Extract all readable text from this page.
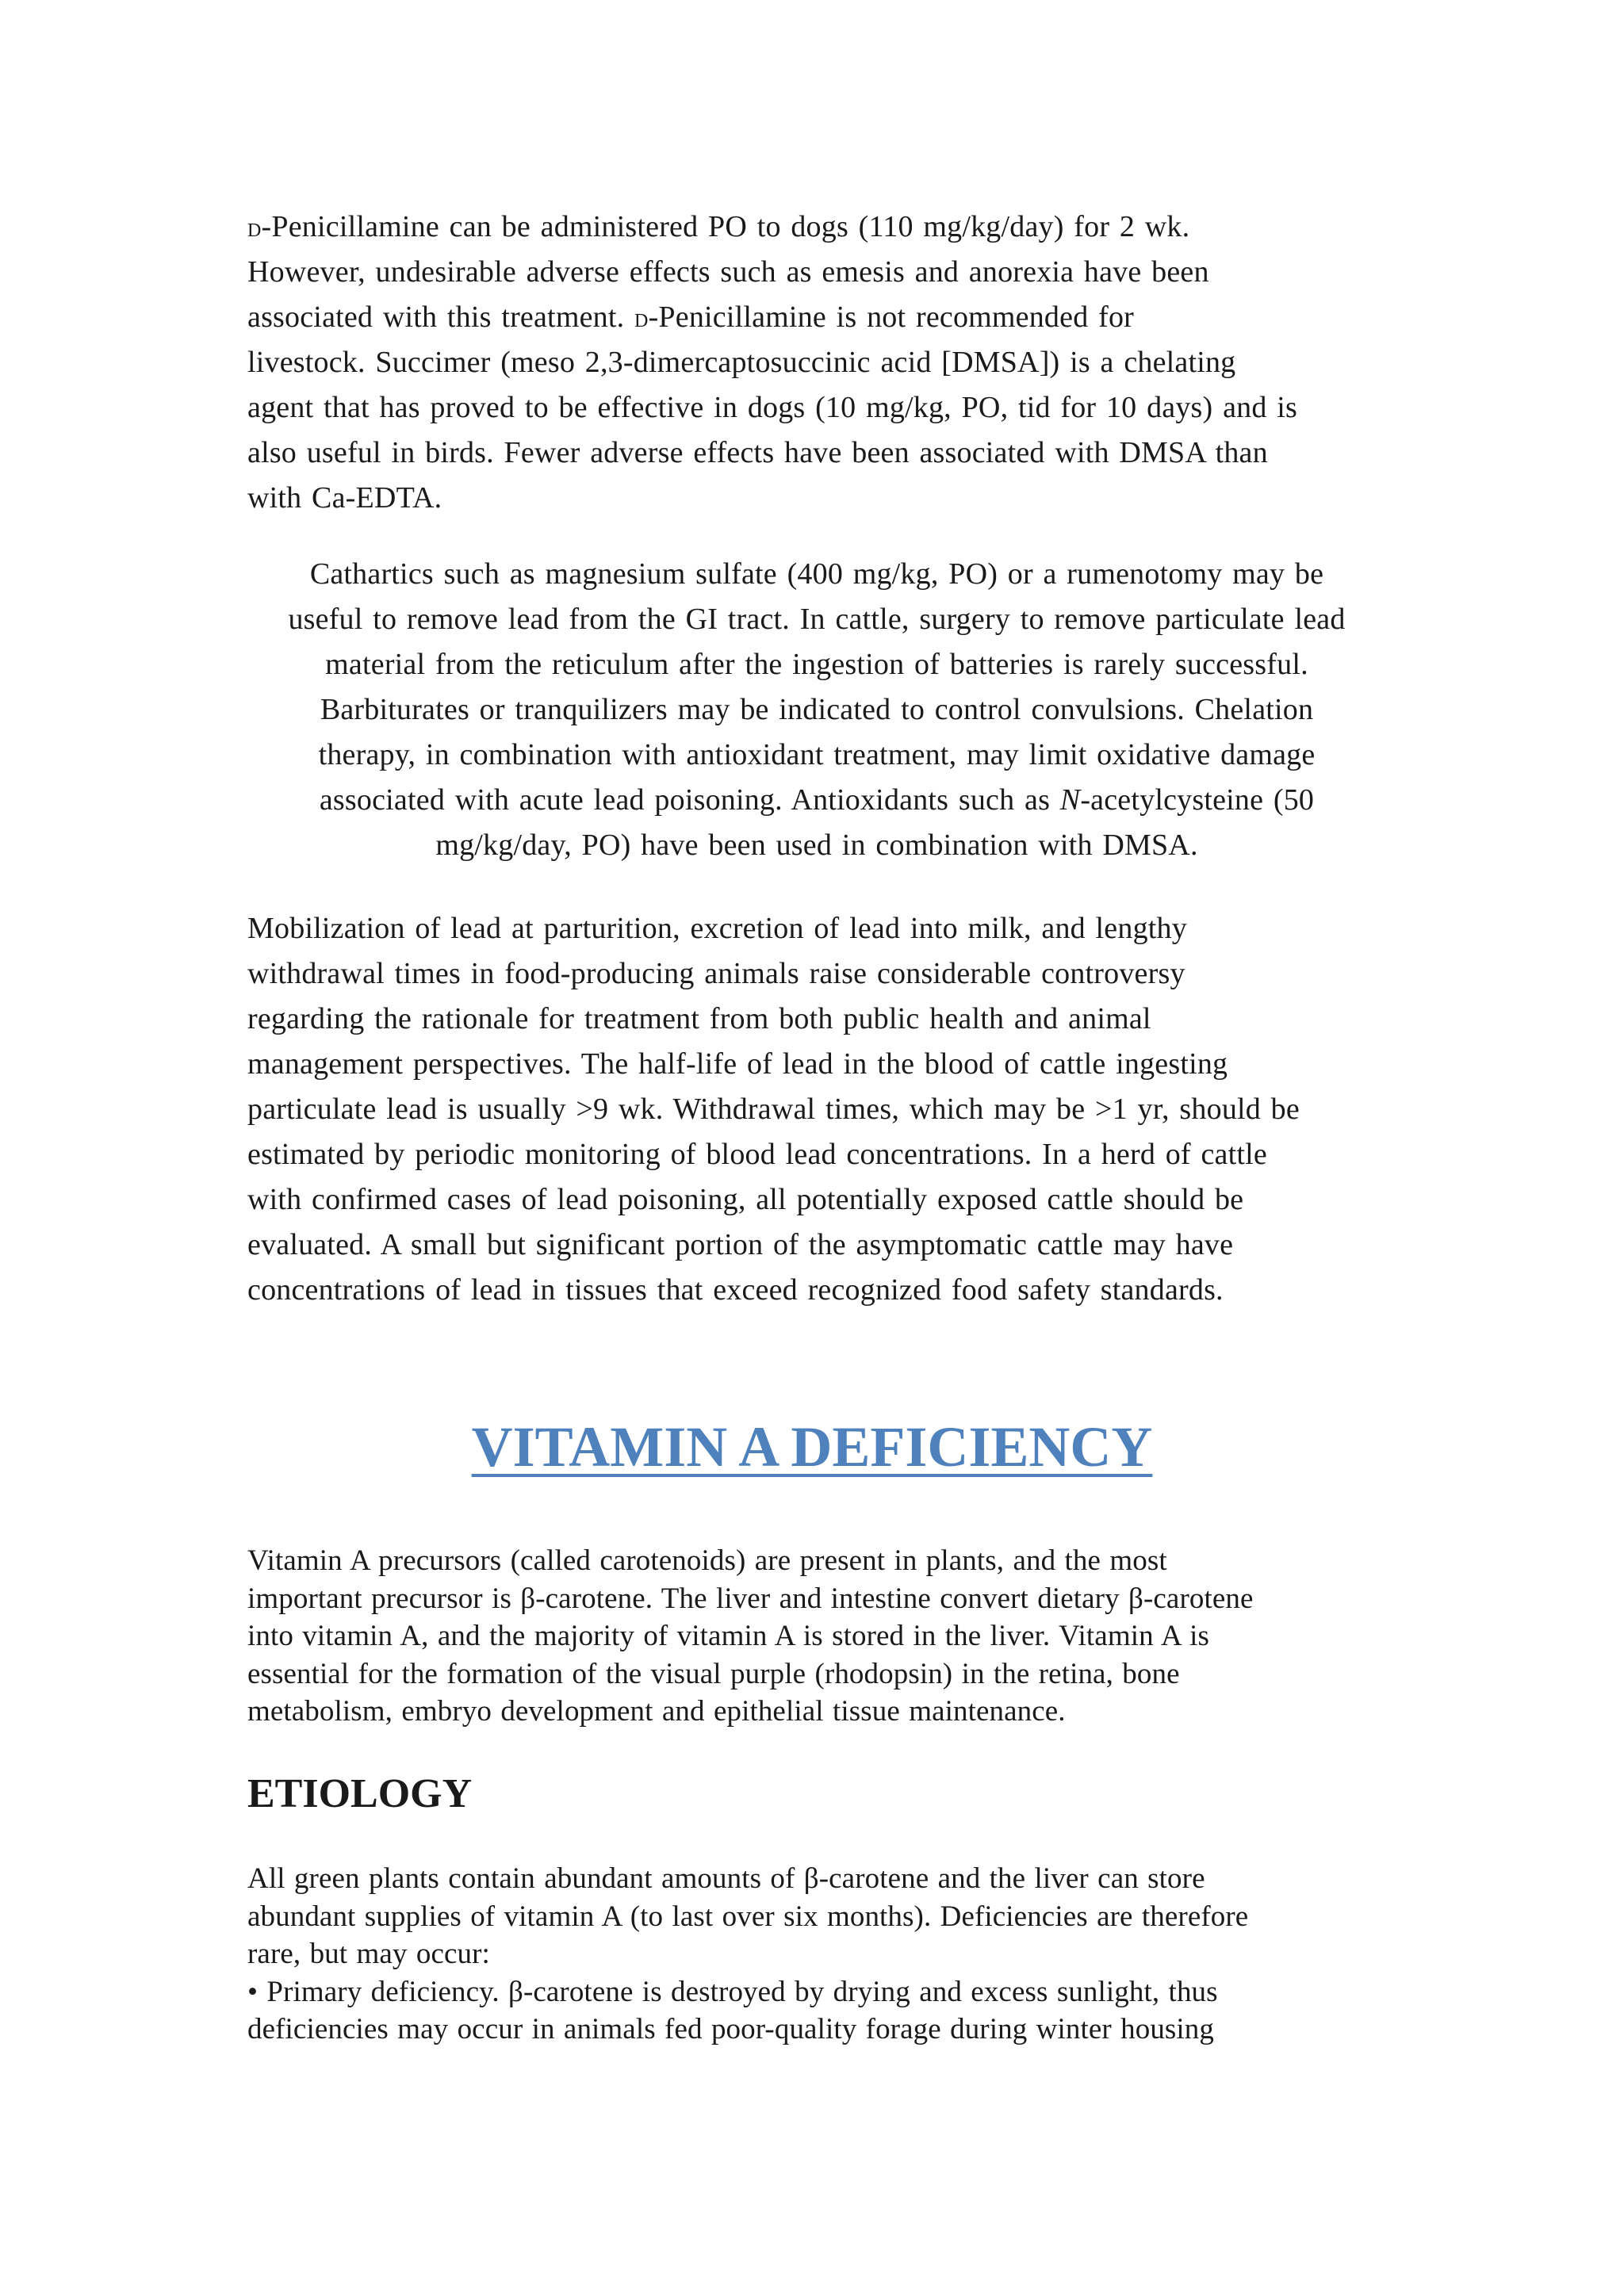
d-Penicillamine can be administered PO to dogs (110 mg/kg/day) for 2 wk.
However, undesirable adverse effects such as emesis and anorexia have been
associated with this treatment. d-Penicillamine is not recommended for
livestock. Succimer (meso 2,3-dimercaptosuccinic acid [DMSA]) is a chelating
agent that has proved to be effective in dogs (10 mg/kg, PO, tid for 10 days) and is
also useful in birds. Fewer adverse effects have been associated with DMSA than
with Ca-EDTA.
Cathartics such as magnesium sulfate (400 mg/kg, PO) or a rumenotomy may be
useful to remove lead from the GI tract. In cattle, surgery to remove particulate lead
material from the reticulum after the ingestion of batteries is rarely successful.
Barbiturates or tranquilizers may be indicated to control convulsions. Chelation
therapy, in combination with antioxidant treatment, may limit oxidative damage
associated with acute lead poisoning. Antioxidants such as N-acetylcysteine (50
mg/kg/day, PO) have been used in combination with DMSA.
Mobilization of lead at parturition, excretion of lead into milk, and lengthy
withdrawal times in food-producing animals raise considerable controversy
regarding the rationale for treatment from both public health and animal
management perspectives. The half-life of lead in the blood of cattle ingesting
particulate lead is usually >9 wk. Withdrawal times, which may be >1 yr, should be
estimated by periodic monitoring of blood lead concentrations. In a herd of cattle
with confirmed cases of lead poisoning, all potentially exposed cattle should be
evaluated. A small but significant portion of the asymptomatic cattle may have
concentrations of lead in tissues that exceed recognized food safety standards.
VITAMIN A DEFICIENCY
Vitamin A precursors (called carotenoids) are present in plants, and the most
important precursor is β-carotene. The liver and intestine convert dietary β-carotene
into vitamin A, and the majority of vitamin A is stored in the liver. Vitamin A is
essential for the formation of the visual purple (rhodopsin) in the retina, bone
metabolism, embryo development and epithelial tissue maintenance.
ETIOLOGY
All green plants contain abundant amounts of β-carotene and the liver can store
abundant supplies of vitamin A (to last over six months). Deficiencies are therefore
rare, but may occur:
• Primary deficiency. β-carotene is destroyed by drying and excess sunlight, thus
deficiencies may occur in animals fed poor-quality forage during winter housing
